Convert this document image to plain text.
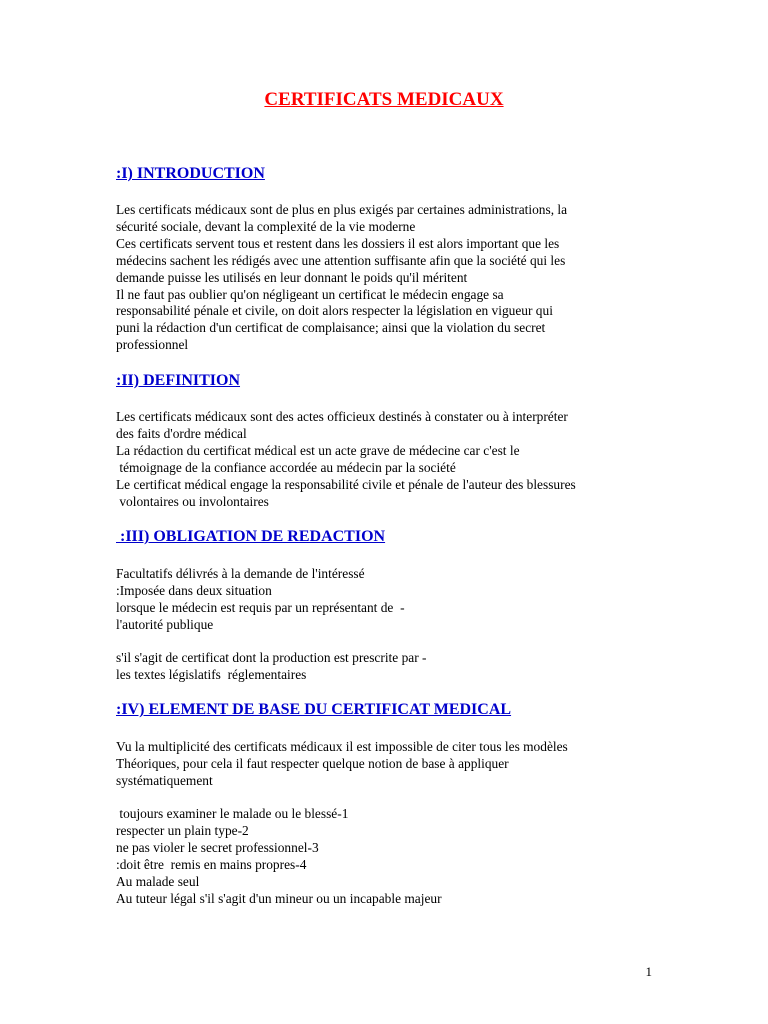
CERTIFICATS MEDICAUX
:I) INTRODUCTION
Les certificats médicaux sont de plus en plus exigés par certaines administrations, la
sécurité sociale, devant la complexité de la vie moderne
Ces certificats servent tous et restent dans les dossiers il est alors important que les
médecins sachent les rédigés avec une attention suffisante afin que la société qui les
demande puisse les utilisés en leur donnant le poids qu'il méritent
Il ne faut pas oublier qu'on négligeant un certificat le médecin engage sa
responsabilité pénale et civile, on doit alors respecter la législation en vigueur qui
puni la rédaction d'un certificat de complaisance; ainsi que la violation du secret
professionnel
:II) DEFINITION
Les certificats médicaux sont des actes officieux destinés à constater ou à interpréter
des faits d'ordre médical
La rédaction du certificat médical est un acte grave de médecine car c'est le
témoignage de la confiance accordée au médecin par la société
Le certificat médical engage la responsabilité civile et pénale de l'auteur des blessures
volontaires ou involontaires
:III) OBLIGATION DE REDACTION
Facultatifs délivrés à la demande de l'intéressé
:Imposée dans deux situation
lorsque le médecin est requis par un représentant de  -
l'autorité publique
s'il s'agit de certificat dont la production est prescrite par -
les textes législatifs  réglementaires
:IV) ELEMENT DE BASE DU CERTIFICAT MEDICAL
Vu la multiplicité des certificats médicaux il est impossible de citer tous les modèles
Théoriques, pour cela il faut respecter quelque notion de base à appliquer
systématiquement
toujours examiner le malade ou le blessé-1
respecter un plain type-2
ne pas violer le secret professionnel-3
:doit être  remis en mains propres-4
Au malade seul
Au tuteur légal s'il s'agit d'un mineur ou un incapable majeur
1
